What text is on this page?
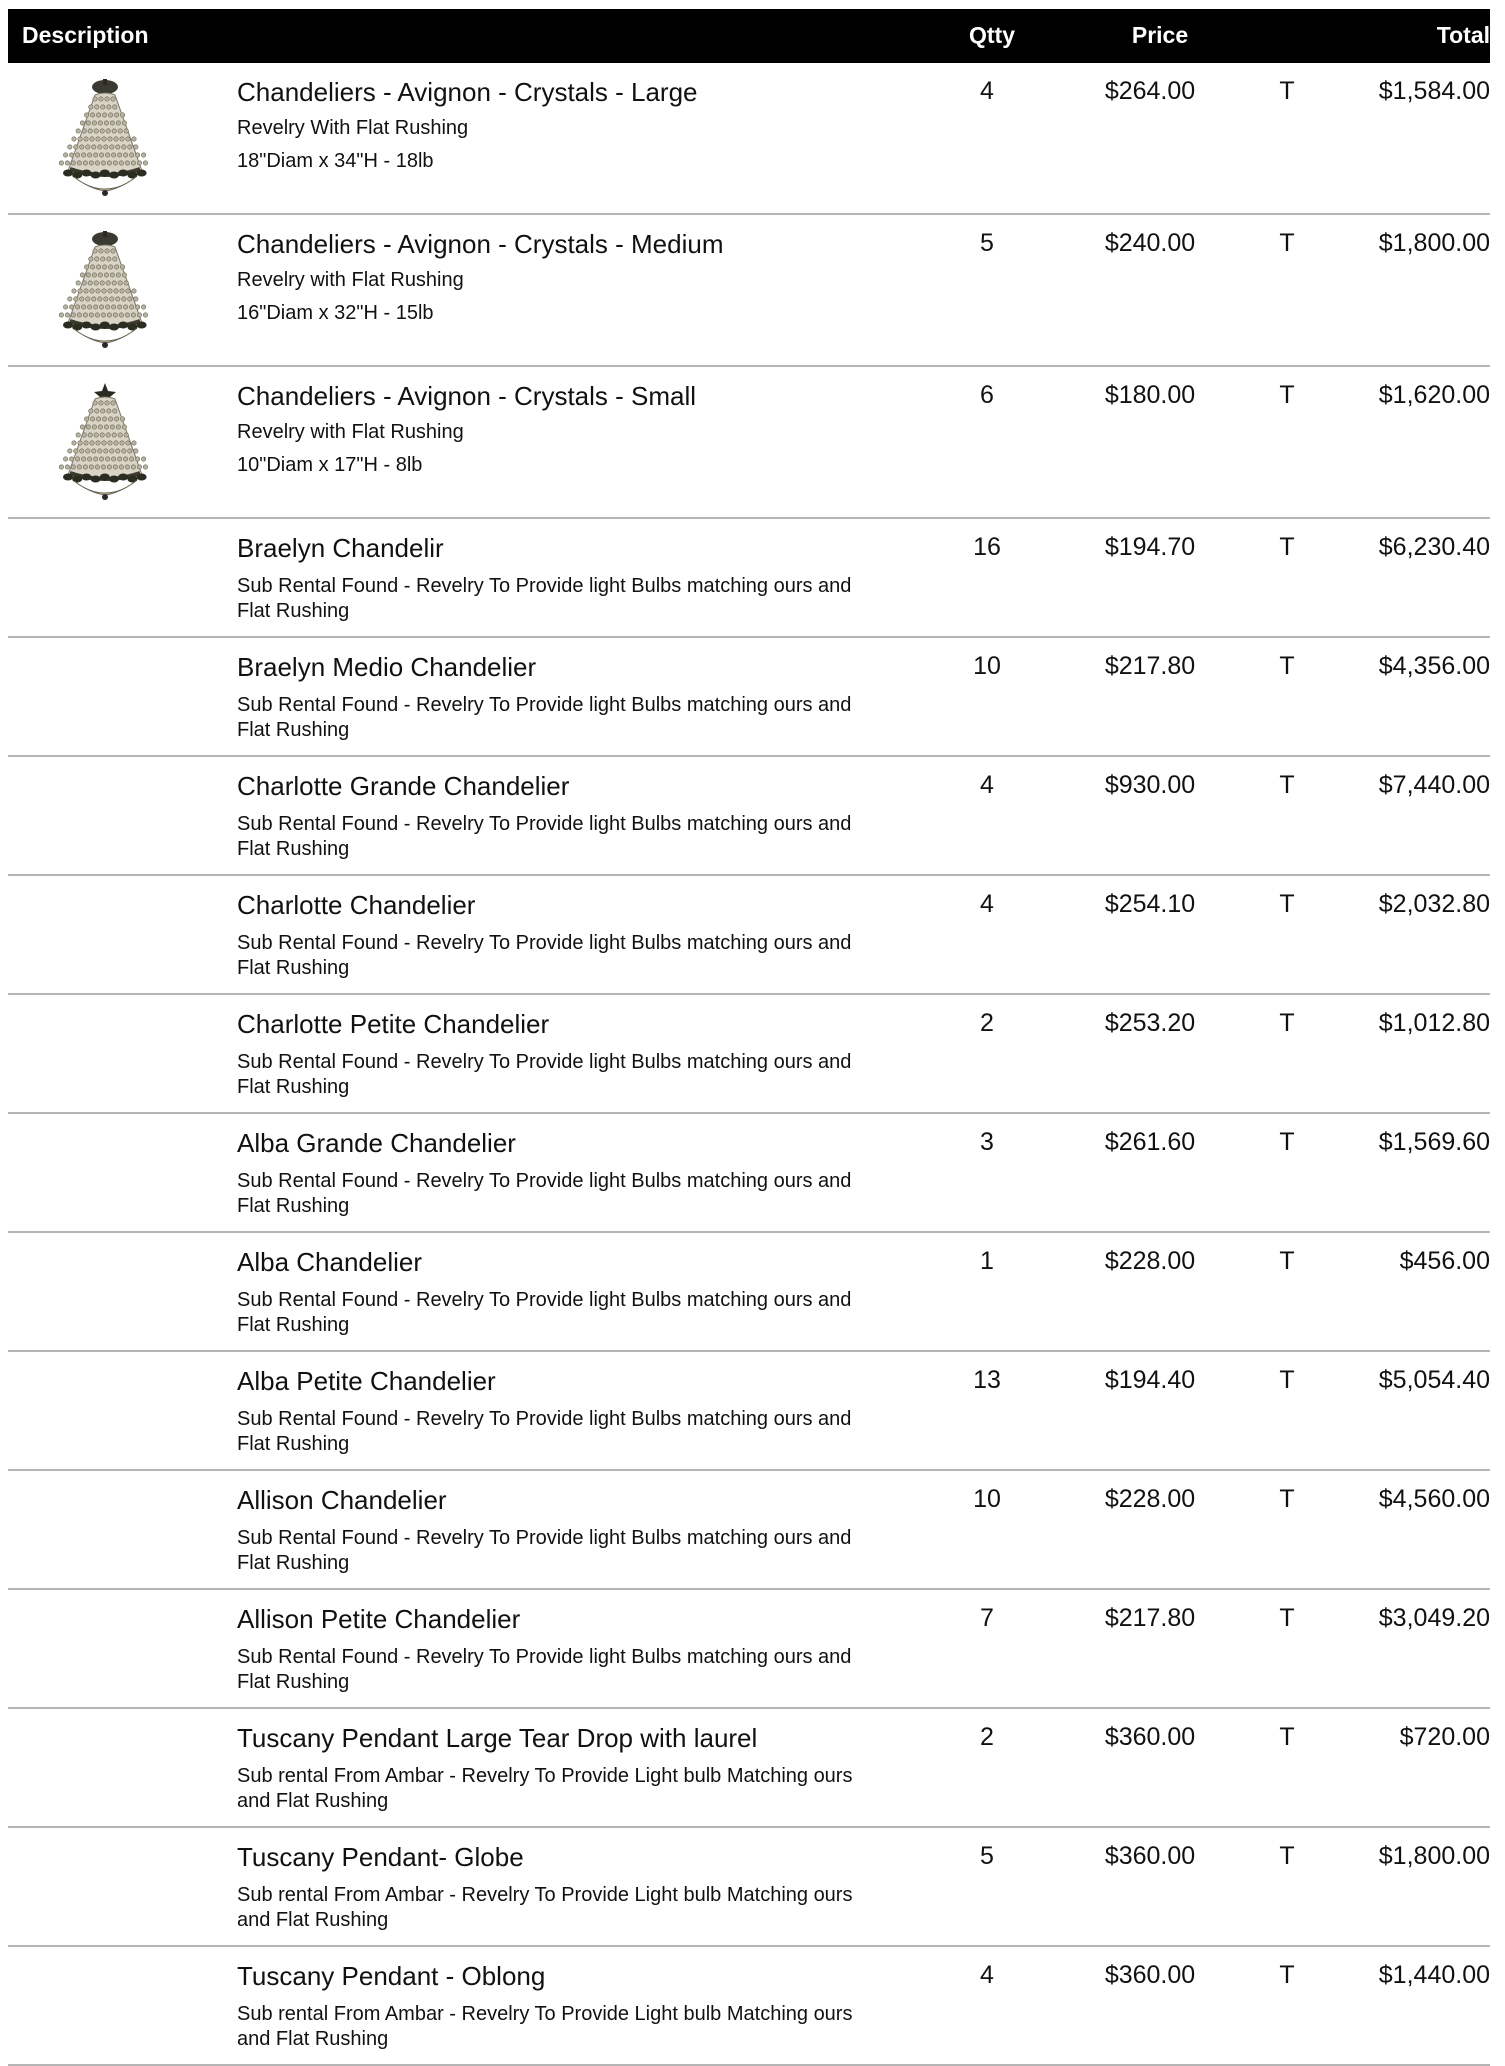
Description	Qtty	Price	Total
Chandeliers - Avignon - Crystals - Large
Revelry With Flat Rushing
18"Diam x 34"H - 18lb
4	$264.00	T	$1,584.00
Chandeliers - Avignon - Crystals - Medium
Revelry with Flat Rushing
16"Diam x 32"H - 15lb
5	$240.00	T	$1,800.00
Chandeliers - Avignon - Crystals - Small
Revelry with Flat Rushing
10"Diam x 17"H - 8lb
6	$180.00	T	$1,620.00
Braelyn Chandelir
Sub Rental Found - Revelry To Provide light Bulbs matching ours and
Flat Rushing
16	$194.70	T	$6,230.40
Braelyn Medio Chandelier
Sub Rental Found - Revelry To Provide light Bulbs matching ours and
Flat Rushing
10	$217.80	T	$4,356.00
Charlotte Grande Chandelier
Sub Rental Found - Revelry To Provide light Bulbs matching ours and
Flat Rushing
4	$930.00	T	$7,440.00
Charlotte Chandelier
Sub Rental Found - Revelry To Provide light Bulbs matching ours and
Flat Rushing
4	$254.10	T	$2,032.80
Charlotte Petite Chandelier
Sub Rental Found - Revelry To Provide light Bulbs matching ours and
Flat Rushing
2	$253.20	T	$1,012.80
Alba Grande Chandelier
Sub Rental Found - Revelry To Provide light Bulbs matching ours and
Flat Rushing
3	$261.60	T	$1,569.60
Alba Chandelier
Sub Rental Found - Revelry To Provide light Bulbs matching ours and
Flat Rushing
1	$228.00	T	$456.00
Alba Petite Chandelier
Sub Rental Found - Revelry To Provide light Bulbs matching ours and
Flat Rushing
13	$194.40	T	$5,054.40
Allison Chandelier
Sub Rental Found - Revelry To Provide light Bulbs matching ours and
Flat Rushing
10	$228.00	T	$4,560.00
Allison Petite Chandelier
Sub Rental Found - Revelry To Provide light Bulbs matching ours and
Flat Rushing
7	$217.80	T	$3,049.20
Tuscany Pendant Large Tear Drop with laurel
Sub rental From Ambar - Revelry To Provide Light bulb Matching ours
and Flat Rushing
2	$360.00	T	$720.00
Tuscany Pendant- Globe
Sub rental From Ambar - Revelry To Provide Light bulb Matching ours
and Flat Rushing
5	$360.00	T	$1,800.00
Tuscany Pendant - Oblong
Sub rental From Ambar - Revelry To Provide Light bulb Matching ours
and Flat Rushing
4	$360.00	T	$1,440.00
